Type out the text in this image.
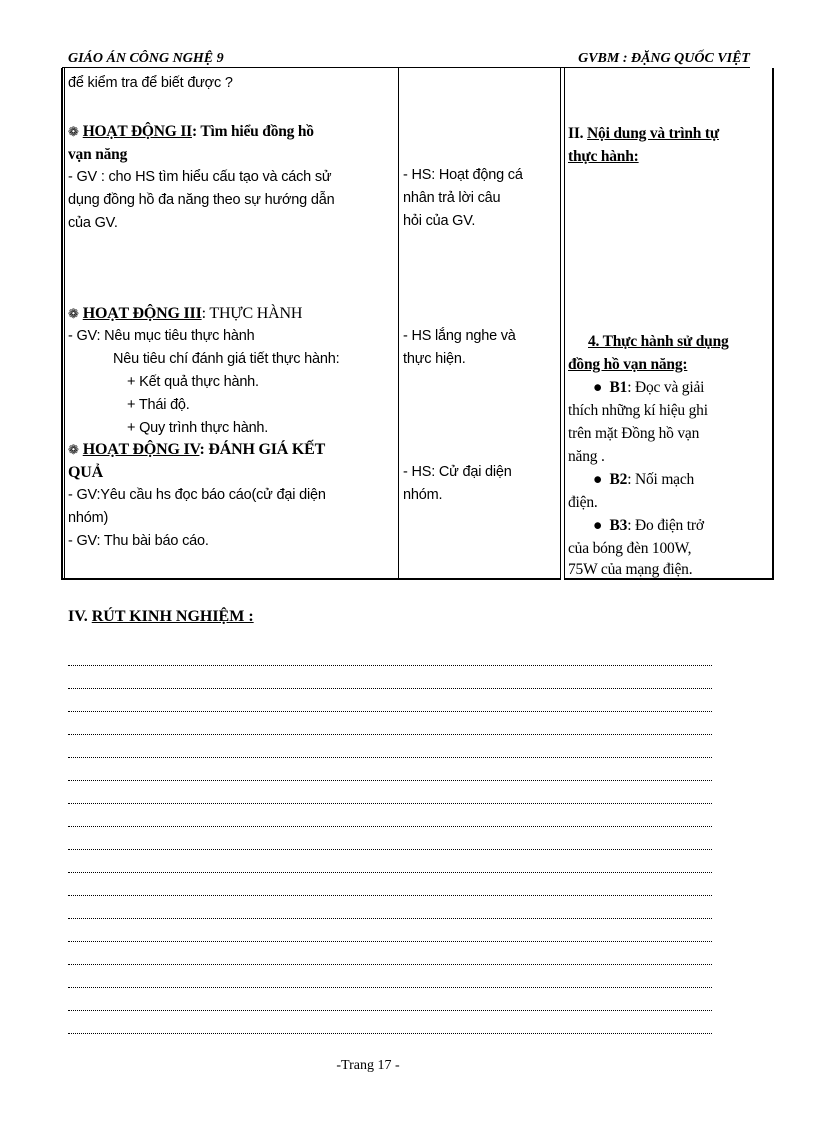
GIÁO ÁN CÔNG NGHỆ 9	GVBM : ĐẶNG QUỐC VIỆT
để kiểm tra để biết được ?
❁ HOẠT ĐỘNG II: Tìm hiểu đồng hồ
vạn năng
- GV : cho HS tìm hiểu cấu tạo và cách sử
dụng đồng hồ đa năng theo sự hướng dẫn
của GV.
❁ HOẠT ĐỘNG III: THỰC HÀNH
- GV: Nêu mục tiêu thực hành
Nêu tiêu chí đánh giá tiết thực hành:
+ Kết quả thực hành.
+ Thái độ.
+ Quy trình thực hành.
❁ HOẠT ĐỘNG IV: ĐÁNH GIÁ KẾT
QUẢ
- GV:Yêu cầu hs đọc báo cáo(cử đại diện
nhóm)
- GV: Thu bài báo cáo.
- HS: Hoạt động cá
nhân trả lời câu
hỏi của GV.
- HS lắng nghe và
thực hiện.
- HS: Cử đại diện
nhóm.
II. Nội dung và trình tự
thực hành:
4. Thực hành sử dụng
đồng hồ vạn năng:
●  B1: Đọc và giải
thích những kí hiệu ghi
trên mặt Đồng hồ vạn
năng .
●  B2: Nối mạch
điện.
●  B3: Đo điện trở
của bóng đèn 100W,
75W của mạng điện.
IV. RÚT KINH NGHIỆM :
-Trang 17 -
